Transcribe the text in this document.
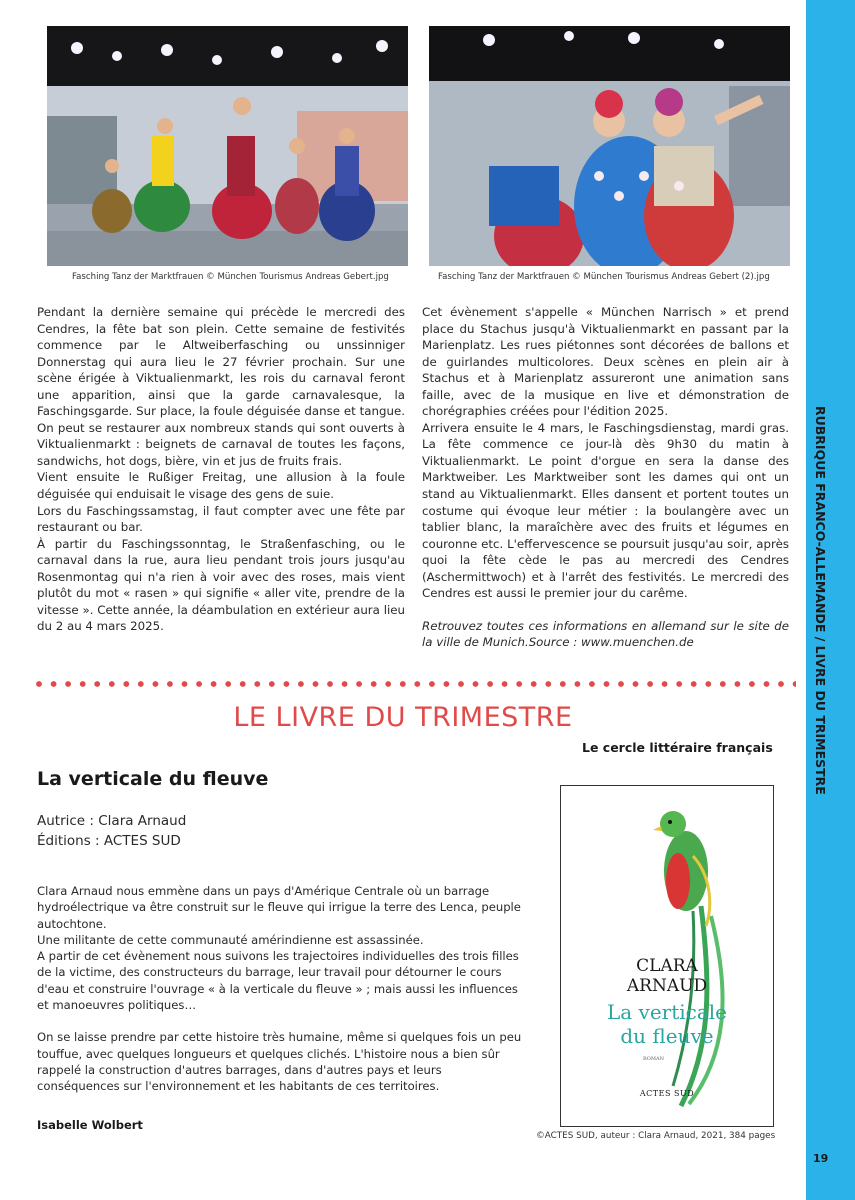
RUBRIQUE FRANCO-ALLEMANDE / LIVRE DU TRIMESTRE
19
Fasching Tanz der Marktfrauen © München Tourismus Andreas Gebert.jpg	Fasching Tanz der Marktfrauen © München Tourismus Andreas Gebert (2).jpg

Pendant la dernière semaine qui précède le mercredi des Cendres, la fête bat son plein. Cette semaine de festivités commence par le Altweiberfasching ou unssinniger Donnerstag qui aura lieu le 27 février prochain. Sur une scène érigée à Viktualienmarkt, les rois du carnaval feront une apparition, ainsi que la garde carnavalesque, la Faschingsgarde. Sur place, la foule déguisée danse et tangue. On peut se restaurer aux nombreux stands qui sont ouverts à Viktualienmarkt : beignets de carnaval de toutes les façons, sandwichs, hot dogs, bière, vin et jus de fruits frais.

Vient ensuite le Rußiger Freitag, une allusion à la foule déguisée qui enduisait le visage des gens de suie.

Lors du Faschingssamstag, il faut compter avec une fête par restaurant ou bar.

À partir du Faschingssonntag, le Straßenfasching, ou le carnaval dans la rue, aura lieu pendant trois jours jusqu'au Rosenmontag qui n'a rien à voir avec des roses, mais vient plutôt du mot « rasen » qui signifie « aller vite, prendre de la vitesse ». Cette année, la déambulation en extérieur aura lieu du 2 au 4 mars 2025.

Cet évènement s'appelle « München Narrisch » et prend place du Stachus jusqu'à Viktualienmarkt en passant par la Marienplatz. Les rues piétonnes sont décorées de ballons et de guirlandes multicolores. Deux scènes en plein air à Stachus et à Marienplatz assureront une animation sans faille, avec de la musique en live et démonstration de chorégraphies créées pour l'édition 2025.

Arrivera ensuite le 4 mars, le Faschingsdienstag, mardi gras. La fête commence ce jour-là dès 9h30 du matin à Viktualienmarkt. Le point d'orgue en sera la danse des Marktweiber. Les Marktweiber sont les dames qui ont un stand au Viktualienmarkt. Elles dansent et portent toutes un costume qui évoque leur métier : la boulangère avec un tablier blanc, la maraîchère avec des fruits et légumes en couronne etc. L'effervescence se poursuit jusqu'au soir, après quoi la fête cède le pas au mercredi des Cendres (Aschermittwoch) et à l'arrêt des festivités. Le mercredi des Cendres est aussi le premier jour du carême.

Retrouvez toutes ces informations en allemand sur le site de la ville de Munich.Source : www.muenchen.de

LE LIVRE DU TRIMESTRE
Le cercle littéraire français
La verticale du fleuve
Autrice : Clara Arnaud
Éditions : ACTES SUD

Clara Arnaud nous emmène dans un pays d'Amérique Centrale où un barrage hydroélectrique va être construit sur le fleuve qui irrigue la terre des Lenca, peuple autochtone.

Une militante de cette communauté amérindienne est assassinée.

A partir de cet évènement nous suivons les trajectoires individuelles des trois filles de la victime, des constructeurs du barrage, leur travail pour détourner le cours d'eau et construire l'ouvrage « à la verticale du fleuve » ; mais aussi les influences et manoeuvres politiques…

On se laisse prendre par cette histoire très humaine, même si quelques fois un peu touffue, avec quelques longueurs et quelques clichés. L'histoire nous a bien sûr rappelé la construction d'autres barrages, dans d'autres pays et leurs conséquences sur l'environnement et les habitants de ces territoires.

Isabelle Wolbert
CLARA
ARNAUD
La verticale
du fleuve
ROMAN
ACTES SUD
©ACTES SUD, auteur : Clara Arnaud, 2021, 384 pages
